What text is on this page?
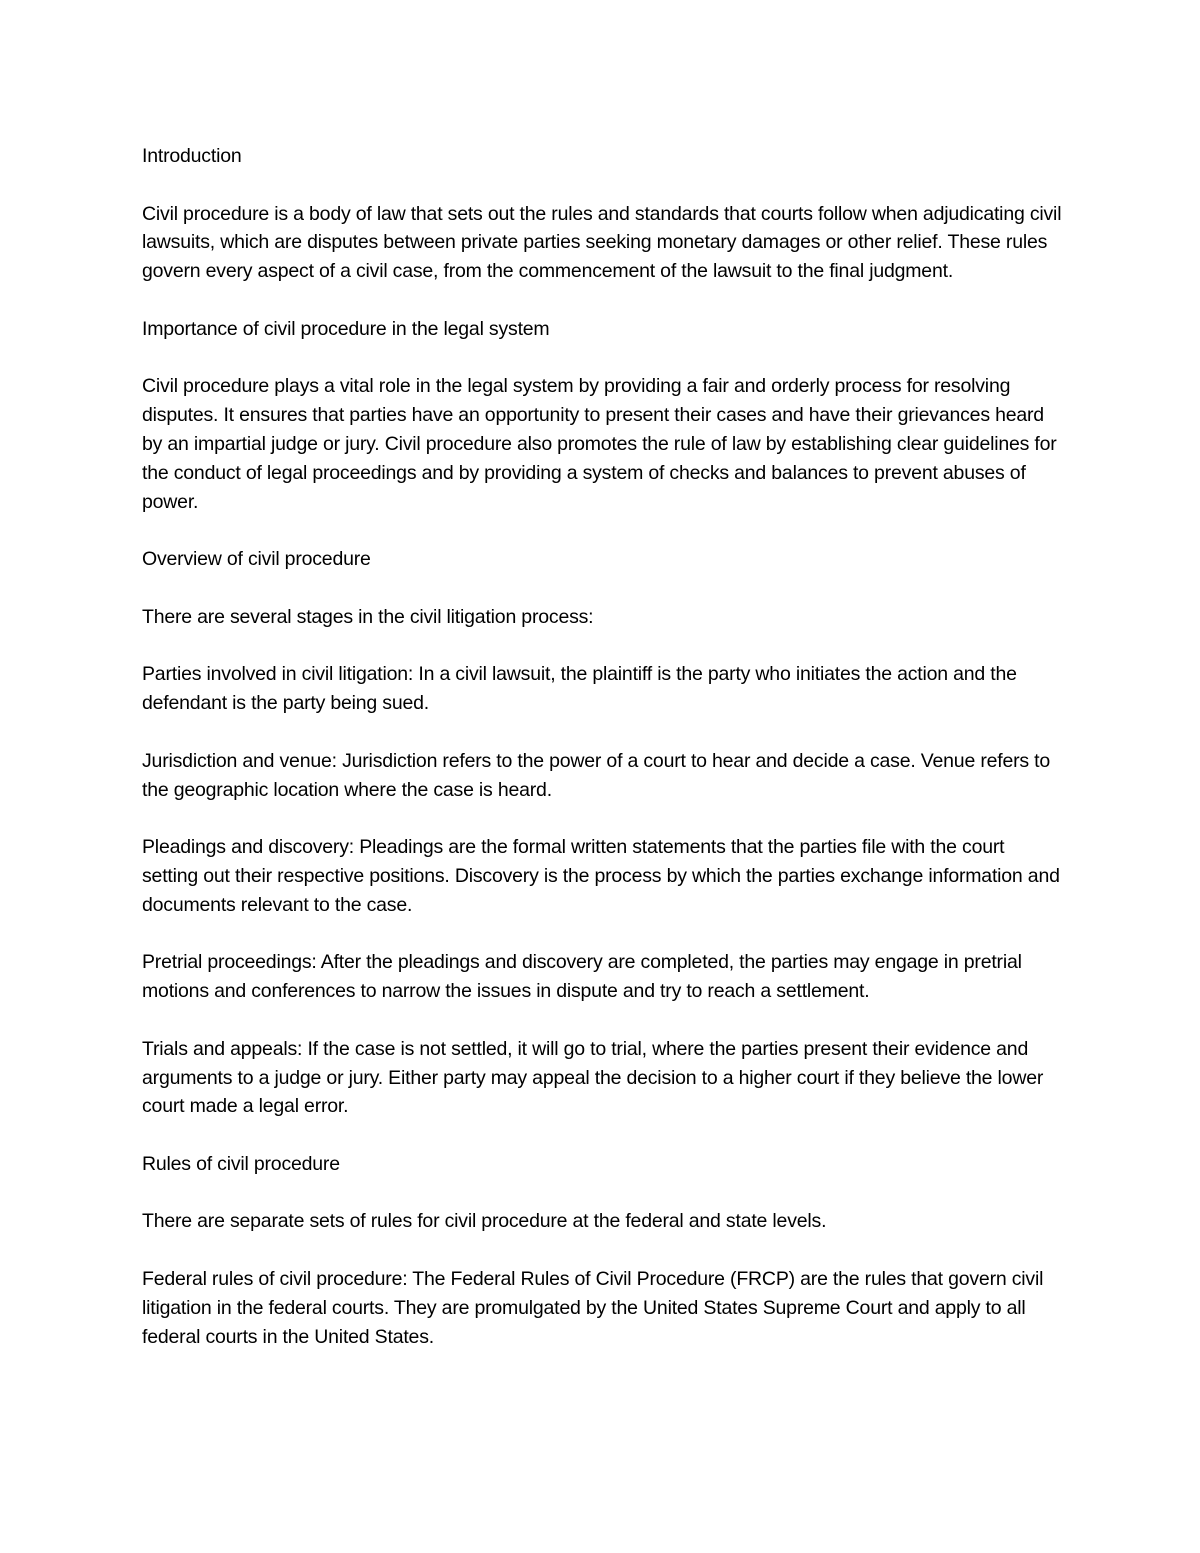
Introduction

Civil procedure is a body of law that sets out the rules and standards that courts follow when adjudicating civil lawsuits, which are disputes between private parties seeking monetary damages or other relief. These rules govern every aspect of a civil case, from the commencement of the lawsuit to the final judgment.

Importance of civil procedure in the legal system

Civil procedure plays a vital role in the legal system by providing a fair and orderly process for resolving disputes. It ensures that parties have an opportunity to present their cases and have their grievances heard by an impartial judge or jury. Civil procedure also promotes the rule of law by establishing clear guidelines for the conduct of legal proceedings and by providing a system of checks and balances to prevent abuses of power.

Overview of civil procedure

There are several stages in the civil litigation process:

Parties involved in civil litigation: In a civil lawsuit, the plaintiff is the party who initiates the action and the defendant is the party being sued.

Jurisdiction and venue: Jurisdiction refers to the power of a court to hear and decide a case. Venue refers to the geographic location where the case is heard.

Pleadings and discovery: Pleadings are the formal written statements that the parties file with the court setting out their respective positions. Discovery is the process by which the parties exchange information and documents relevant to the case.

Pretrial proceedings: After the pleadings and discovery are completed, the parties may engage in pretrial motions and conferences to narrow the issues in dispute and try to reach a settlement.

Trials and appeals: If the case is not settled, it will go to trial, where the parties present their evidence and arguments to a judge or jury. Either party may appeal the decision to a higher court if they believe the lower court made a legal error.

Rules of civil procedure

There are separate sets of rules for civil procedure at the federal and state levels.

Federal rules of civil procedure: The Federal Rules of Civil Procedure (FRCP) are the rules that govern civil litigation in the federal courts. They are promulgated by the United States Supreme Court and apply to all federal courts in the United States.
